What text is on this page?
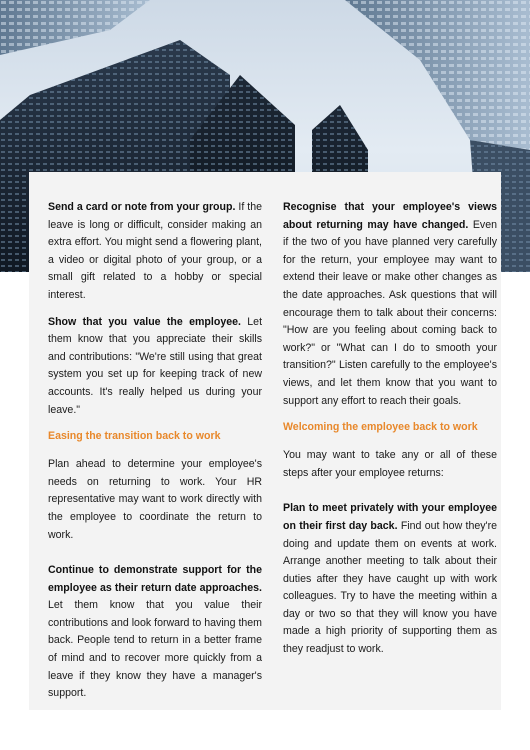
Send a card or note from your group. If the leave is long or difficult, consider making an extra effort. You might send a flowering plant, a video or digital photo of your group, or a small gift related to a hobby or special interest.

Show that you value the employee. Let them know that you appreciate their skills and contributions: "We're still using that great system you set up for keeping track of new accounts. It's really helped us during your leave."

Easing the transition back to work

Plan ahead to determine your employee's needs on returning to work. Your HR representative may want to work directly with the employee to coordinate the return to work.

Continue to demonstrate support for the employee as their return date approaches. Let them know that you value their contributions and look forward to having them back. People tend to return in a better frame of mind and to recover more quickly from a leave if they know they have a manager's support.

Recognise that your employee's views about returning may have changed. Even if the two of you have planned very carefully for the return, your employee may want to extend their leave or make other changes as the date approaches. Ask questions that will encourage them to talk about their concerns: "How are you feeling about coming back to work?" or "What can I do to smooth your transition?" Listen carefully to the employee's views, and let them know that you want to support any effort to reach their goals.

Welcoming the employee back to work

You may want to take any or all of these steps after your employee returns:

Plan to meet privately with your employee on their first day back. Find out how they're doing and update them on events at work. Arrange another meeting to talk about their duties after they have caught up with work colleagues. Try to have the meeting within a day or two so that they will know you have made a high priority of supporting them as they readjust to work.
